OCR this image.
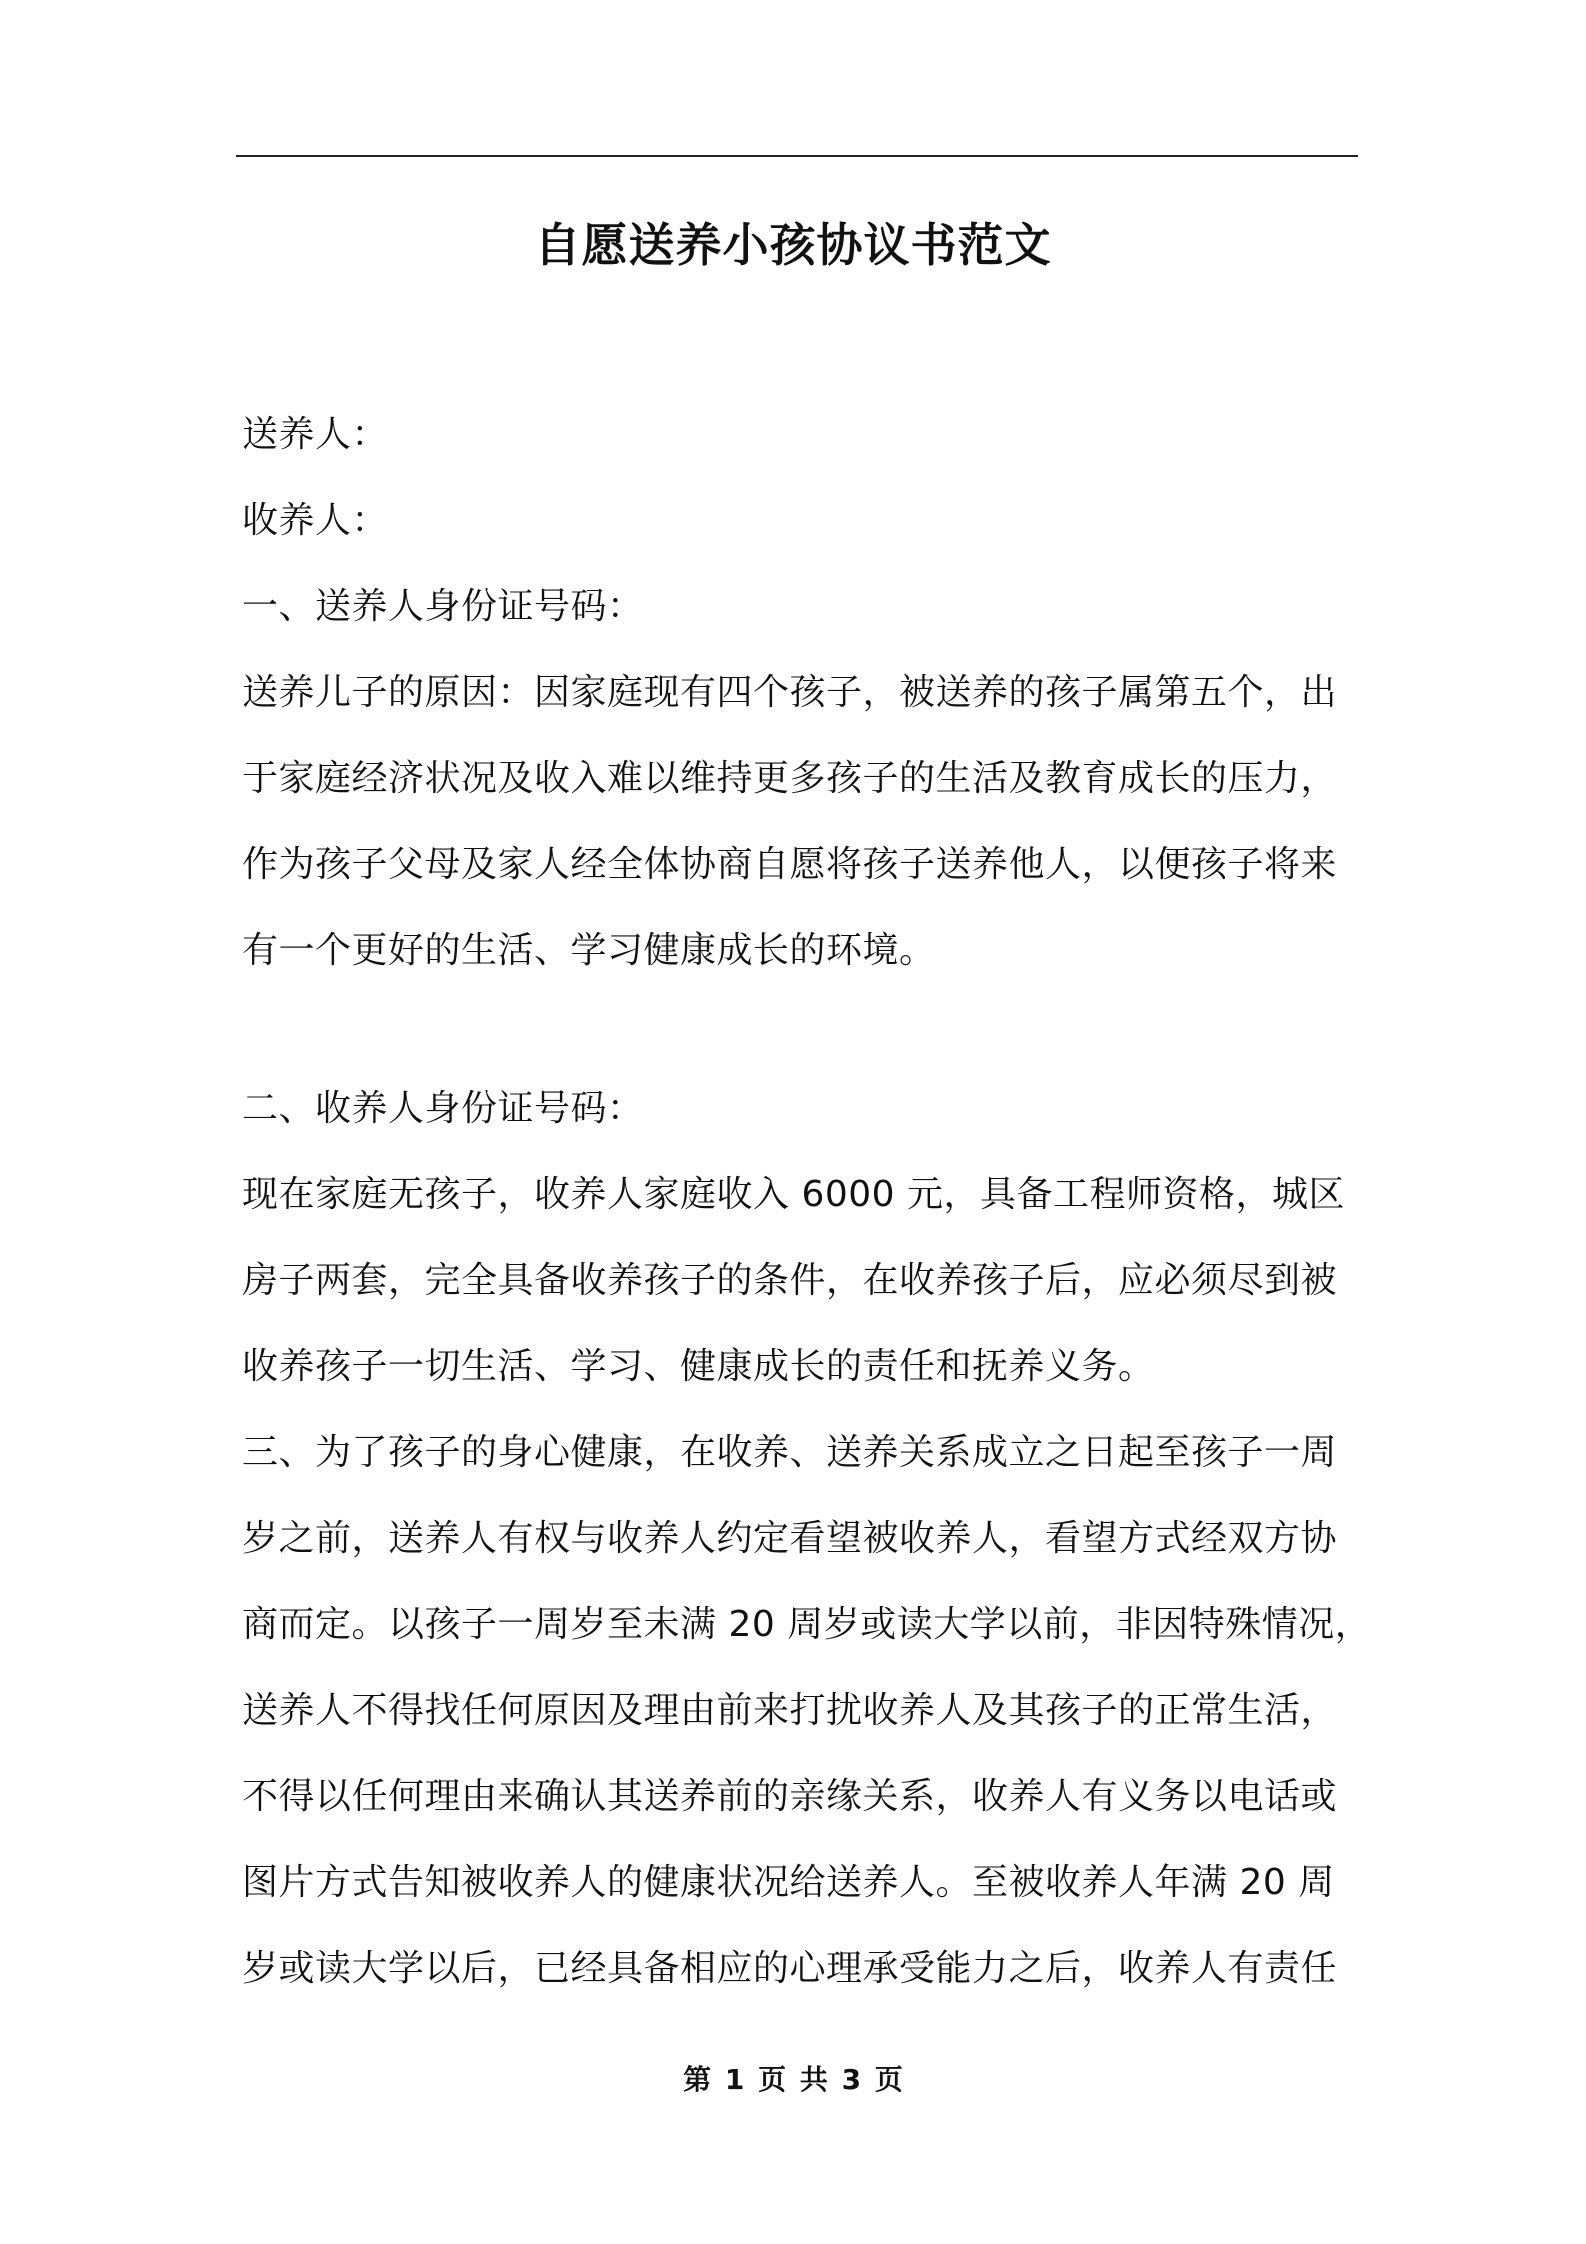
自愿送养小孩协议书范文
送养人：
收养人：
一、送养人身份证号码：
送养儿子的原因：因家庭现有四个孩子，被送养的孩子属第五个，出
于家庭经济状况及收入难以维持更多孩子的生活及教育成长的压力，
作为孩子父母及家人经全体协商自愿将孩子送养他人，以便孩子将来
有一个更好的生活、学习健康成长的环境。
二、收养人身份证号码：
现在家庭无孩子，收养人家庭收入 6000 元，具备工程师资格，城区
房子两套，完全具备收养孩子的条件，在收养孩子后，应必须尽到被
收养孩子一切生活、学习、健康成长的责任和抚养义务。
三、为了孩子的身心健康，在收养、送养关系成立之日起至孩子一周
岁之前，送养人有权与收养人约定看望被收养人，看望方式经双方协
商而定。以孩子一周岁至未满 20 周岁或读大学以前，非因特殊情况，
送养人不得找任何原因及理由前来打扰收养人及其孩子的正常生活，
不得以任何理由来确认其送养前的亲缘关系，收养人有义务以电话或
图片方式告知被收养人的健康状况给送养人。至被收养人年满 20 周
岁或读大学以后，已经具备相应的心理承受能力之后，收养人有责任
第 1 页 共 3 页
